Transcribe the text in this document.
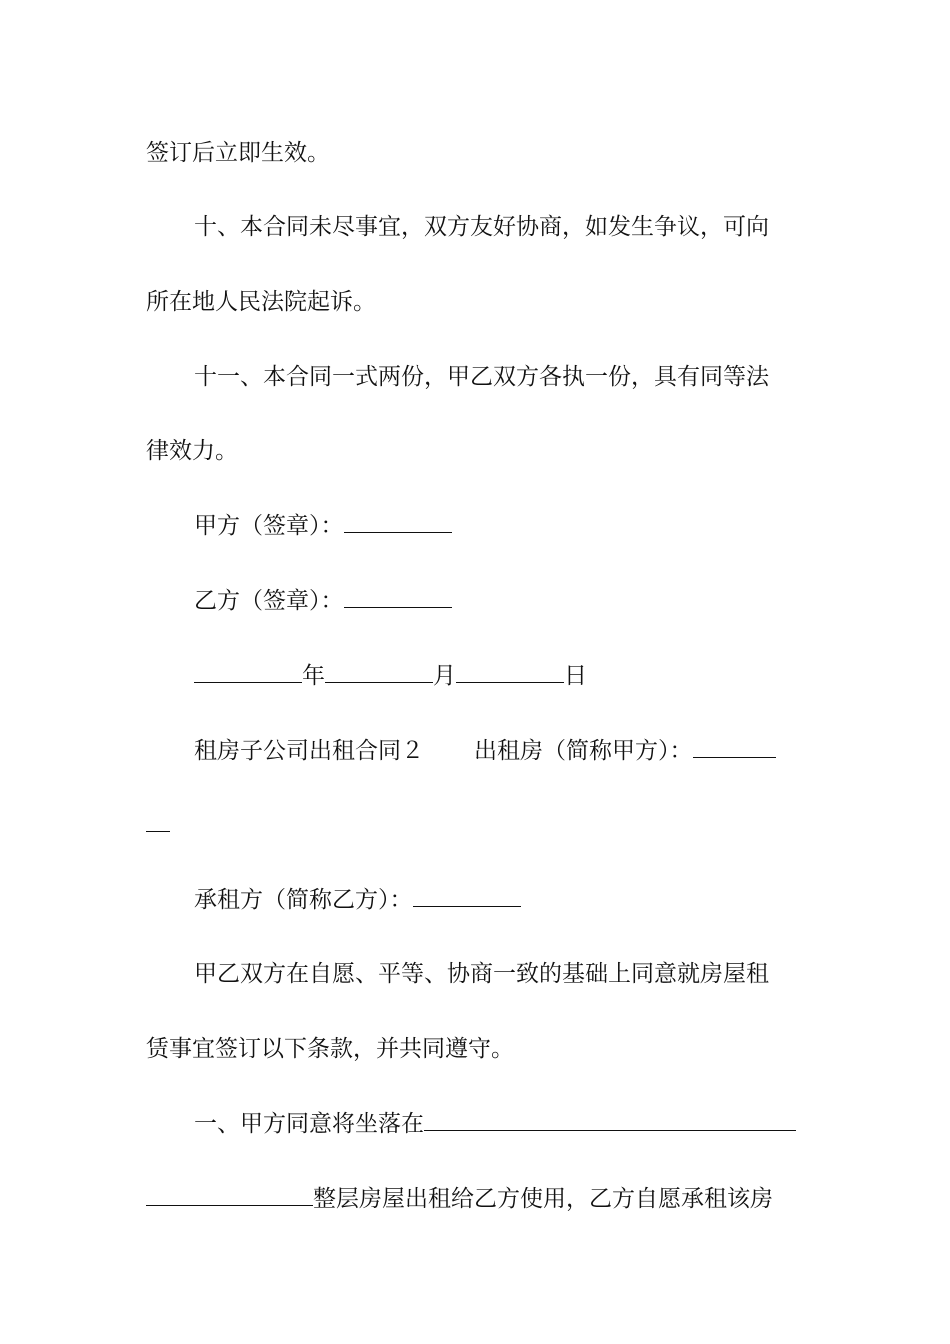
签订后立即生效。
十、本合同未尽事宜，双方友好协商，如发生争议，可向
所在地人民法院起诉。
十一、本合同一式两份，甲乙双方各执一份，具有同等法
律效力。
甲方（签章）：
乙方（签章）：
年	月	日
租房子公司出租合同２ 出租房（简称甲方）：
承租方（简称乙方）：
甲乙双方在自愿、平等、协商一致的基础上同意就房屋租
赁事宜签订以下条款，并共同遵守。
一、甲方同意将坐落在
整层房屋出租给乙方使用，乙方自愿承租该房
